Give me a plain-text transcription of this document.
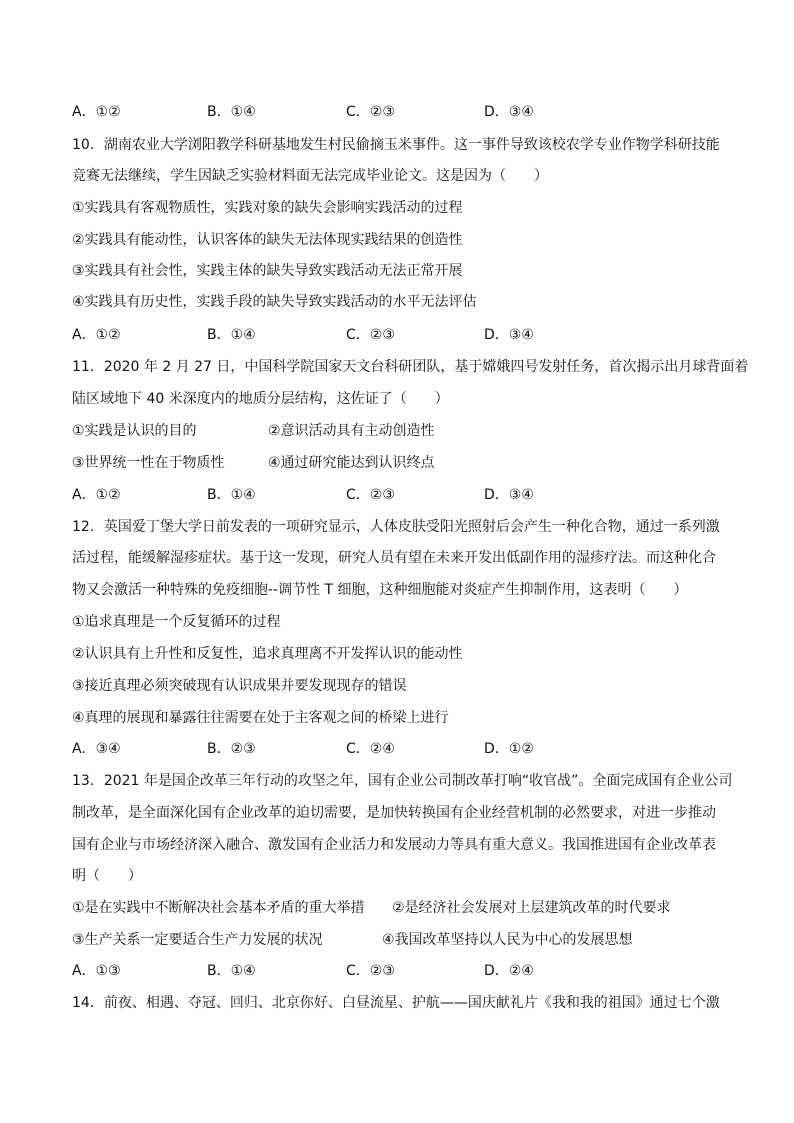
A．①②	B．①④	C．②③	D．③④
10．湖南农业大学浏阳教学科研基地发生村民偷摘玉米事件。这一事件导致该校农学专业作物学科研技能
竞赛无法继续，学生因缺乏实验材料面无法完成毕业论文。这是因为（　　）
①实践具有客观物质性，实践对象的缺失会影响实践活动的过程
②实践具有能动性，认识客体的缺失无法体现实践结果的创造性
③实践具有社会性，实践主体的缺失导致实践活动无法正常开展
④实践具有历史性，实践手段的缺失导致实践活动的水平无法评估
A．①②	B．①④	C．②③	D．③④
11．2020 年 2 月 27 日，中国科学院国家天文台科研团队，基于嫦娥四号发射任务，首次揭示出月球背面着
陆区域地下 40 米深度内的地质分层结构，这佐证了（　　）
①实践是认识的目的	②意识活动具有主动创造性
③世界统一性在于物质性	④通过研究能达到认识终点
A．①②	B．①④	C．②③	D．③④
12．英国爱丁堡大学日前发表的一项研究显示，人体皮肤受阳光照射后会产生一种化合物，通过一系列激
活过程，能缓解湿疹症状。基于这一发现，研究人员有望在未来开发出低副作用的湿疹疗法。而这种化合
物又会激活一种特殊的免疫细胞--调节性 T 细胞，这种细胞能对炎症产生抑制作用，这表明（　　）
①追求真理是一个反复循环的过程
②认识具有上升性和反复性，追求真理离不开发挥认识的能动性
③接近真理必须突破现有认识成果并要发现现存的错误
④真理的展现和暴露往往需要在处于主客观之间的桥梁上进行
A．③④	B．②③	C．②④	D．①②
13．2021 年是国企改革三年行动的攻坚之年，国有企业公司制改革打响“收官战”。全面完成国有企业公司
制改革，是全面深化国有企业改革的迫切需要，是加快转换国有企业经营机制的必然要求，对进一步推动
国有企业与市场经济深入融合、激发国有企业活力和发展动力等具有重大意义。我国推进国有企业改革表
明（　　）
①是在实践中不断解决社会基本矛盾的重大举措 ②是经济社会发展对上层建筑改革的时代要求
③生产关系一定要适合生产力发展的状况	④我国改革坚持以人民为中心的发展思想
A．①③	B．①④	C．②③	D．②④
14．前夜、相遇、夺冠、回归、北京你好、白昼流星、护航——国庆献礼片《我和我的祖国》通过七个激
